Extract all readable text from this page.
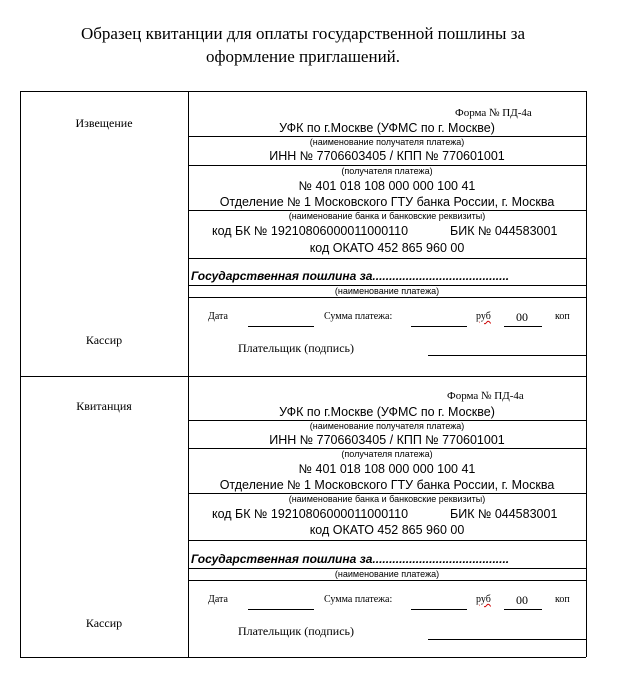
Образец квитанции для оплаты государственной пошлины за
оформление приглашений.
Извещение
Кассир
Форма № ПД-4а
УФК по г.Москве (УФМС по г. Москве)
(наименование получателя платежа)
ИНН № 7706603405 / КПП № 770601001
(получателя платежа)
№ 401 018 108 000 000 100 41
Отделение № 1 Московского ГТУ банка России, г. Москва
(наименование банка и банковские реквизиты)
код БК № 19210806000011000110	БИК № 044583001
код ОКАТО 452 865 960 00
Государственная пошлина за.........................................
(наименование платежа)
Дата	Сумма платежа:	руб 00	коп
Плательщик (подпись)
Квитанция
Кассир
Форма № ПД-4а
УФК по г.Москве (УФМС по г. Москве)
(наименование получателя платежа)
ИНН № 7706603405 / КПП № 770601001
(получателя платежа)
№ 401 018 108 000 000 100 41
Отделение № 1 Московского ГТУ банка России, г. Москва
(наименование банка и банковские реквизиты)
код БК № 19210806000011000110	БИК № 044583001
код ОКАТО 452 865 960 00
Государственная пошлина за.........................................
(наименование платежа)
Дата	Сумма платежа:	руб 00	коп
Плательщик (подпись)
